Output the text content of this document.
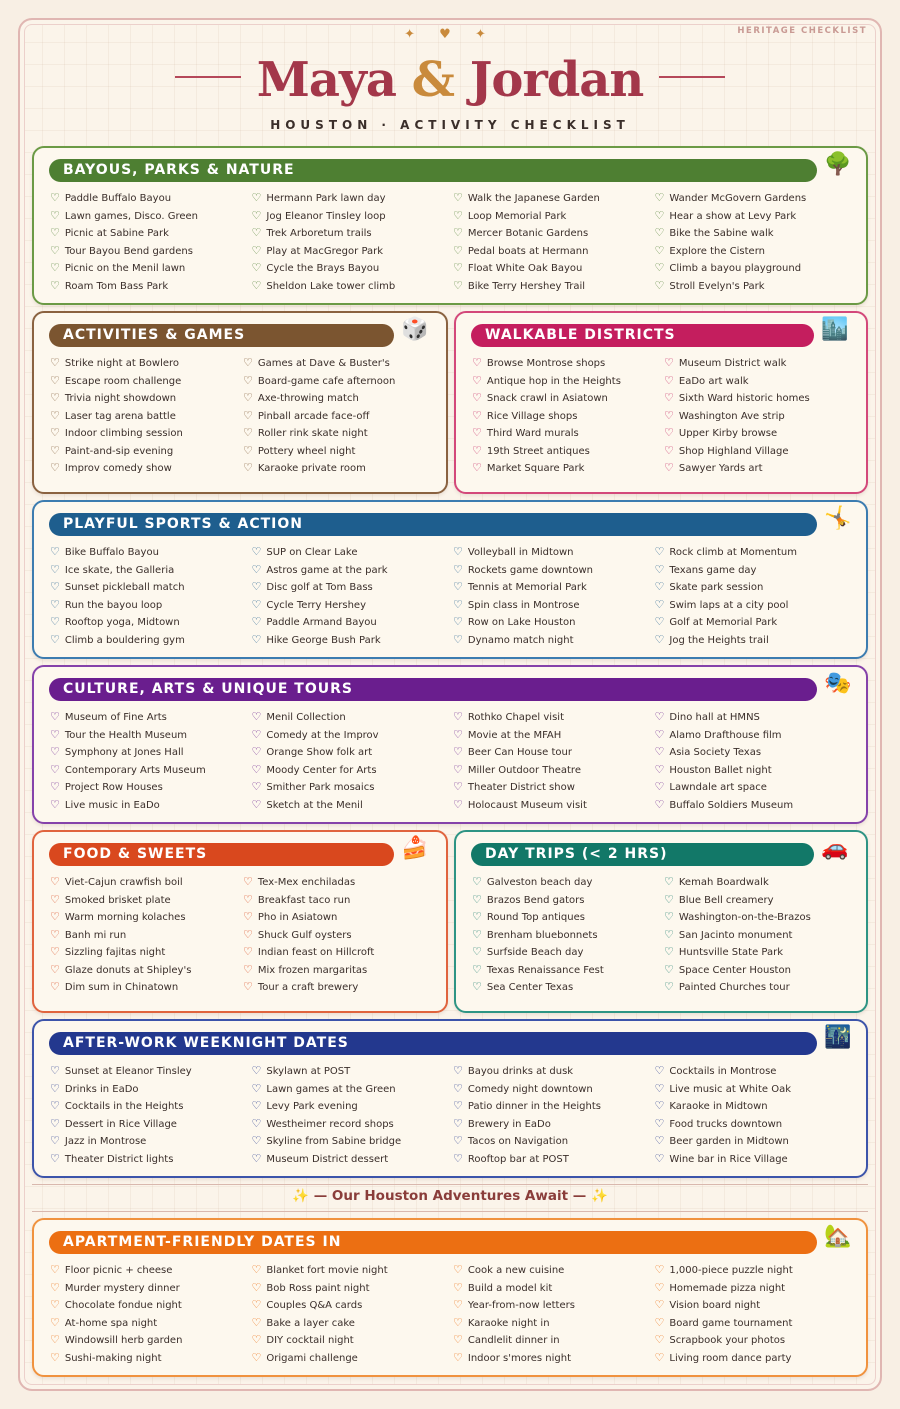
HERITAGE CHECKLIST
✦ ♥ ✦
Maya & Jordan
HOUSTON · ACTIVITY CHECKLIST
BAYOUS, PARKS & NATURE	🌳
♡ Paddle Buffalo Bayou
♡ Lawn games, Disco. Green
♡ Picnic at Sabine Park
♡ Tour Bayou Bend gardens
♡ Picnic on the Menil lawn
♡ Roam Tom Bass Park
♡ Hermann Park lawn day
♡ Jog Eleanor Tinsley loop
♡ Trek Arboretum trails
♡ Play at MacGregor Park
♡ Cycle the Brays Bayou
♡ Sheldon Lake tower climb
♡ Walk the Japanese Garden
♡ Loop Memorial Park
♡ Mercer Botanic Gardens
♡ Pedal boats at Hermann
♡ Float White Oak Bayou
♡ Bike Terry Hershey Trail
♡ Wander McGovern Gardens
♡ Hear a show at Levy Park
♡ Bike the Sabine walk
♡ Explore the Cistern
♡ Climb a bayou playground
♡ Stroll Evelyn's Park
ACTIVITIES & GAMES	🎲
♡ Strike night at Bowlero
♡ Escape room challenge
♡ Trivia night showdown
♡ Laser tag arena battle
♡ Indoor climbing session
♡ Paint-and-sip evening
♡ Improv comedy show
♡ Games at Dave & Buster's
♡ Board-game cafe afternoon
♡ Axe-throwing match
♡ Pinball arcade face-off
♡ Roller rink skate night
♡ Pottery wheel night
♡ Karaoke private room
WALKABLE DISTRICTS	🏙️
♡ Browse Montrose shops
♡ Antique hop in the Heights
♡ Snack crawl in Asiatown
♡ Rice Village shops
♡ Third Ward murals
♡ 19th Street antiques
♡ Market Square Park
♡ Museum District walk
♡ EaDo art walk
♡ Sixth Ward historic homes
♡ Washington Ave strip
♡ Upper Kirby browse
♡ Shop Highland Village
♡ Sawyer Yards art
PLAYFUL SPORTS & ACTION	🤸
♡ Bike Buffalo Bayou
♡ Ice skate, the Galleria
♡ Sunset pickleball match
♡ Run the bayou loop
♡ Rooftop yoga, Midtown
♡ Climb a bouldering gym
♡ SUP on Clear Lake
♡ Astros game at the park
♡ Disc golf at Tom Bass
♡ Cycle Terry Hershey
♡ Paddle Armand Bayou
♡ Hike George Bush Park
♡ Volleyball in Midtown
♡ Rockets game downtown
♡ Tennis at Memorial Park
♡ Spin class in Montrose
♡ Row on Lake Houston
♡ Dynamo match night
♡ Rock climb at Momentum
♡ Texans game day
♡ Skate park session
♡ Swim laps at a city pool
♡ Golf at Memorial Park
♡ Jog the Heights trail
CULTURE, ARTS & UNIQUE TOURS	🎭
♡ Museum of Fine Arts
♡ Tour the Health Museum
♡ Symphony at Jones Hall
♡ Contemporary Arts Museum
♡ Project Row Houses
♡ Live music in EaDo
♡ Menil Collection
♡ Comedy at the Improv
♡ Orange Show folk art
♡ Moody Center for Arts
♡ Smither Park mosaics
♡ Sketch at the Menil
♡ Rothko Chapel visit
♡ Movie at the MFAH
♡ Beer Can House tour
♡ Miller Outdoor Theatre
♡ Theater District show
♡ Holocaust Museum visit
♡ Dino hall at HMNS
♡ Alamo Drafthouse film
♡ Asia Society Texas
♡ Houston Ballet night
♡ Lawndale art space
♡ Buffalo Soldiers Museum
FOOD & SWEETS	🍰
♡ Viet-Cajun crawfish boil
♡ Smoked brisket plate
♡ Warm morning kolaches
♡ Banh mi run
♡ Sizzling fajitas night
♡ Glaze donuts at Shipley's
♡ Dim sum in Chinatown
♡ Tex-Mex enchiladas
♡ Breakfast taco run
♡ Pho in Asiatown
♡ Shuck Gulf oysters
♡ Indian feast on Hillcroft
♡ Mix frozen margaritas
♡ Tour a craft brewery
DAY TRIPS (< 2 HRS)	🚗
♡ Galveston beach day
♡ Brazos Bend gators
♡ Round Top antiques
♡ Brenham bluebonnets
♡ Surfside Beach day
♡ Texas Renaissance Fest
♡ Sea Center Texas
♡ Kemah Boardwalk
♡ Blue Bell creamery
♡ Washington-on-the-Brazos
♡ San Jacinto monument
♡ Huntsville State Park
♡ Space Center Houston
♡ Painted Churches tour
AFTER-WORK WEEKNIGHT DATES	🌃
♡ Sunset at Eleanor Tinsley
♡ Drinks in EaDo
♡ Cocktails in the Heights
♡ Dessert in Rice Village
♡ Jazz in Montrose
♡ Theater District lights
♡ Skylawn at POST
♡ Lawn games at the Green
♡ Levy Park evening
♡ Westheimer record shops
♡ Skyline from Sabine bridge
♡ Museum District dessert
♡ Bayou drinks at dusk
♡ Comedy night downtown
♡ Patio dinner in the Heights
♡ Brewery in EaDo
♡ Tacos on Navigation
♡ Rooftop bar at POST
♡ Cocktails in Montrose
♡ Live music at White Oak
♡ Karaoke in Midtown
♡ Food trucks downtown
♡ Beer garden in Midtown
♡ Wine bar in Rice Village
✨ — Our Houston Adventures Await — ✨
APARTMENT-FRIENDLY DATES IN	🏡
♡ Floor picnic + cheese
♡ Murder mystery dinner
♡ Chocolate fondue night
♡ At-home spa night
♡ Windowsill herb garden
♡ Sushi-making night
♡ Blanket fort movie night
♡ Bob Ross paint night
♡ Couples Q&A cards
♡ Bake a layer cake
♡ DIY cocktail night
♡ Origami challenge
♡ Cook a new cuisine
♡ Build a model kit
♡ Year-from-now letters
♡ Karaoke night in
♡ Candlelit dinner in
♡ Indoor s'mores night
♡ 1,000-piece puzzle night
♡ Homemade pizza night
♡ Vision board night
♡ Board game tournament
♡ Scrapbook your photos
♡ Living room dance party
